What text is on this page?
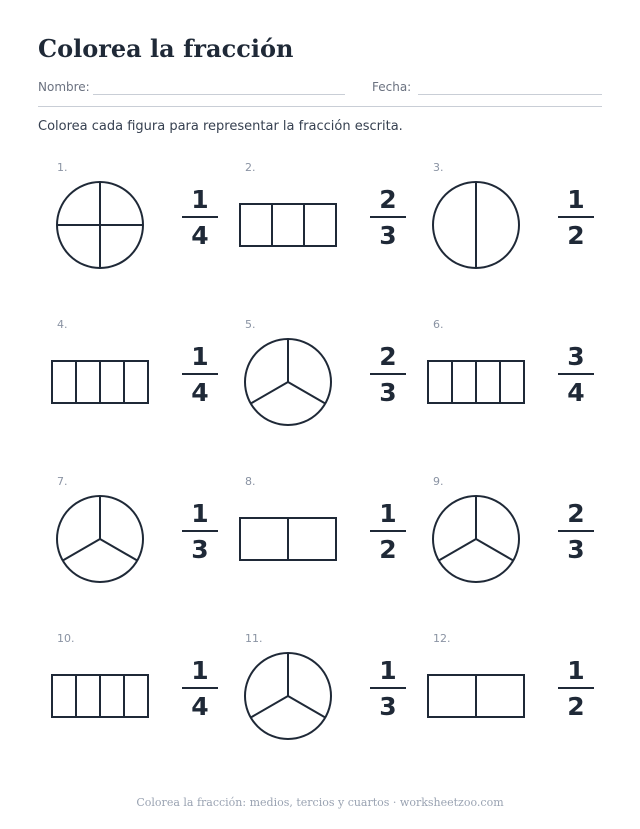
Colorea la fracción
Nombre:	Fecha:
Colorea cada figura para representar la fracción escrita.
1.
1
4
2.
2
3
3.
1
2
4.
1
4
5.
2
3
6.
3
4
7.
1
3
8.
1
2
9.
2
3
10.
1
4
11.
1
3
12.
1
2
Colorea la fracción: medios, tercios y cuartos · worksheetzoo.com
